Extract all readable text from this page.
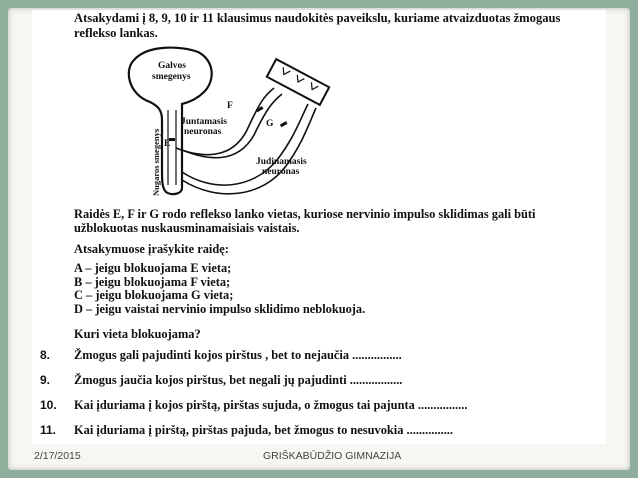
Atsakydami į 8, 9, 10 ir 11 klausimus naudokitės paveikslu, kuriame atvaizduotas žmogaus reflekso lankas.
Galvos
smegenys
Nugaros smegenys
Juntamasis
neuronas
Judinamasis
neuronas
E
F
G
Raidės E, F ir G rodo reflekso lanko vietas, kuriose nervinio impulso sklidimas gali būti užblokuotas nuskausminamaisiais vaistais.
Atsakymuose įrašykite raidę:
A – jeigu blokuojama E vieta;
B – jeigu blokuojama F vieta;
C – jeigu blokuojama G vieta;
D – jeigu vaistai nervinio impulso sklidimo neblokuoja.
Kuri vieta blokuojama?
8. Žmogus gali pajudinti kojos pirštus , bet to nejaučia ................
9. Žmogus jaučia kojos pirštus, bet negali jų pajudinti .................
10. Kai įduriama į kojos pirštą, pirštas sujuda, o žmogus tai pajunta ................
11. Kai įduriama į pirštą, pirštas pajuda, bet žmogus to nesuvokia ...............
2/17/2015	GRIŠKABŪDŽIO GIMNAZIJA
